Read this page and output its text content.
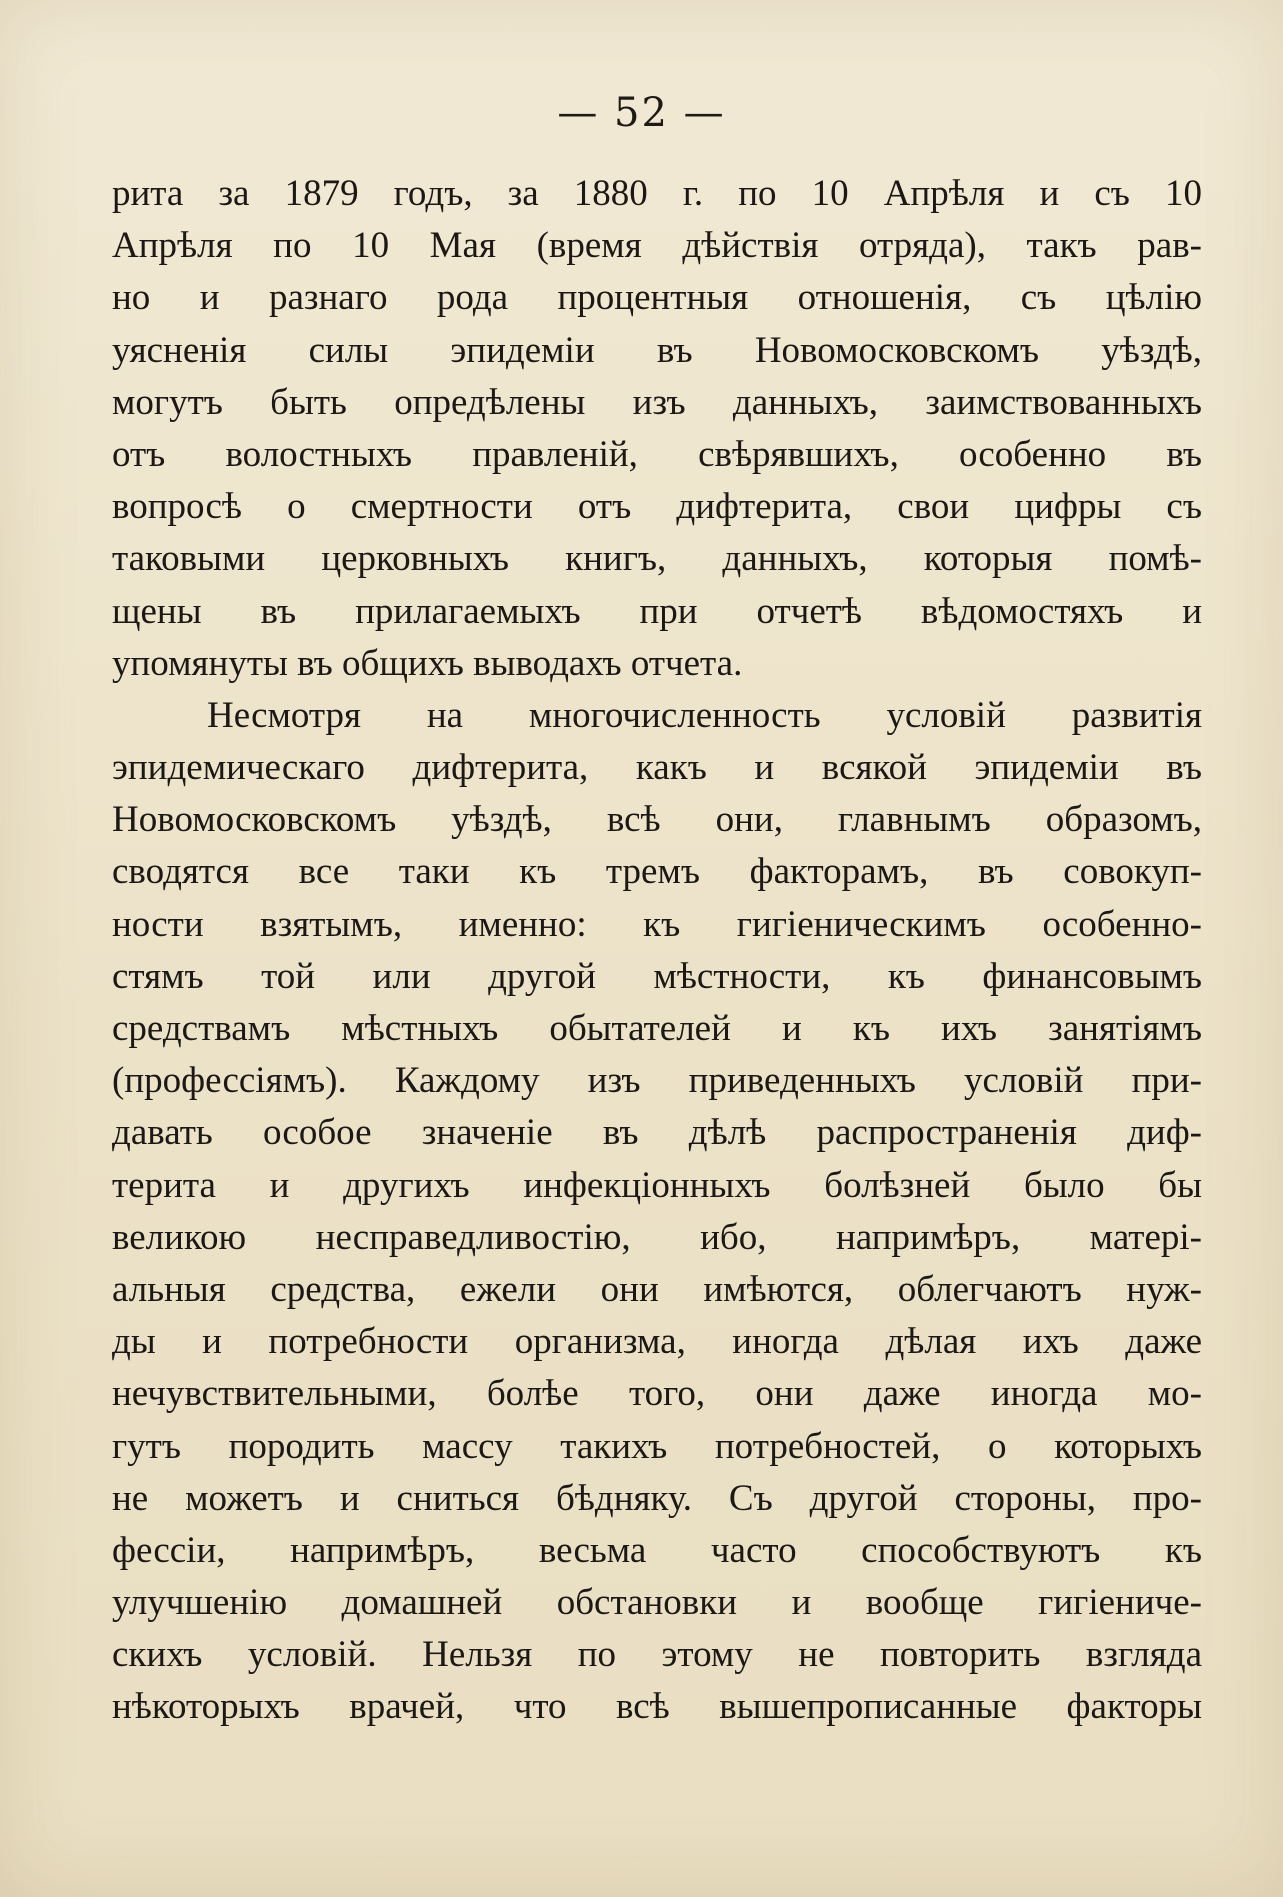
— 52 —
рита за 1879 годъ, за 1880 г. по 10 Апрѣля и съ 10
Апрѣля по 10 Мая (время дѣйствія отряда), такъ рав-
но и разнаго рода процентныя отношенія, съ цѣлію
уясненія силы эпидеміи въ Новомосковскомъ уѣздѣ,
могутъ быть опредѣлены изъ данныхъ, заимствованныхъ
отъ волостныхъ правленій, свѣрявшихъ, особенно въ
вопросѣ о смертности отъ дифтерита, свои цифры съ
таковыми церковныхъ книгъ, данныхъ, которыя помѣ-
щены въ прилагаемыхъ при отчетѣ вѣдомостяхъ и
упомянуты въ общихъ выводахъ отчета.
Несмотря на многочисленность условій развитія
эпидемическаго дифтерита, какъ и всякой эпидеміи въ
Новомосковскомъ уѣздѣ, всѣ они, главнымъ образомъ,
сводятся все таки къ тремъ факторамъ, въ совокуп-
ности взятымъ, именно: къ гигіеническимъ особенно-
стямъ той или другой мѣстности, къ финансовымъ
средствамъ мѣстныхъ обытателей и къ ихъ занятіямъ
(профессіямъ). Каждому изъ приведенныхъ условій при-
давать особое значеніе въ дѣлѣ распространенія диф-
терита и другихъ инфекціонныхъ болѣзней было бы
великою несправедливостію, ибо, напримѣръ, матері-
альныя средства, ежели они имѣются, облегчаютъ нуж-
ды и потребности организма, иногда дѣлая ихъ даже
нечувствительными, болѣе того, они даже иногда мо-
гутъ породить массу такихъ потребностей, о которыхъ
не можетъ и сниться бѣдняку. Съ другой стороны, про-
фессіи, напримѣръ, весьма часто способствуютъ къ
улучшенію домашней обстановки и вообще гигіениче-
скихъ условій. Нельзя по этому не повторить взгляда
нѣкоторыхъ врачей, что всѣ вышепрописанные факторы
